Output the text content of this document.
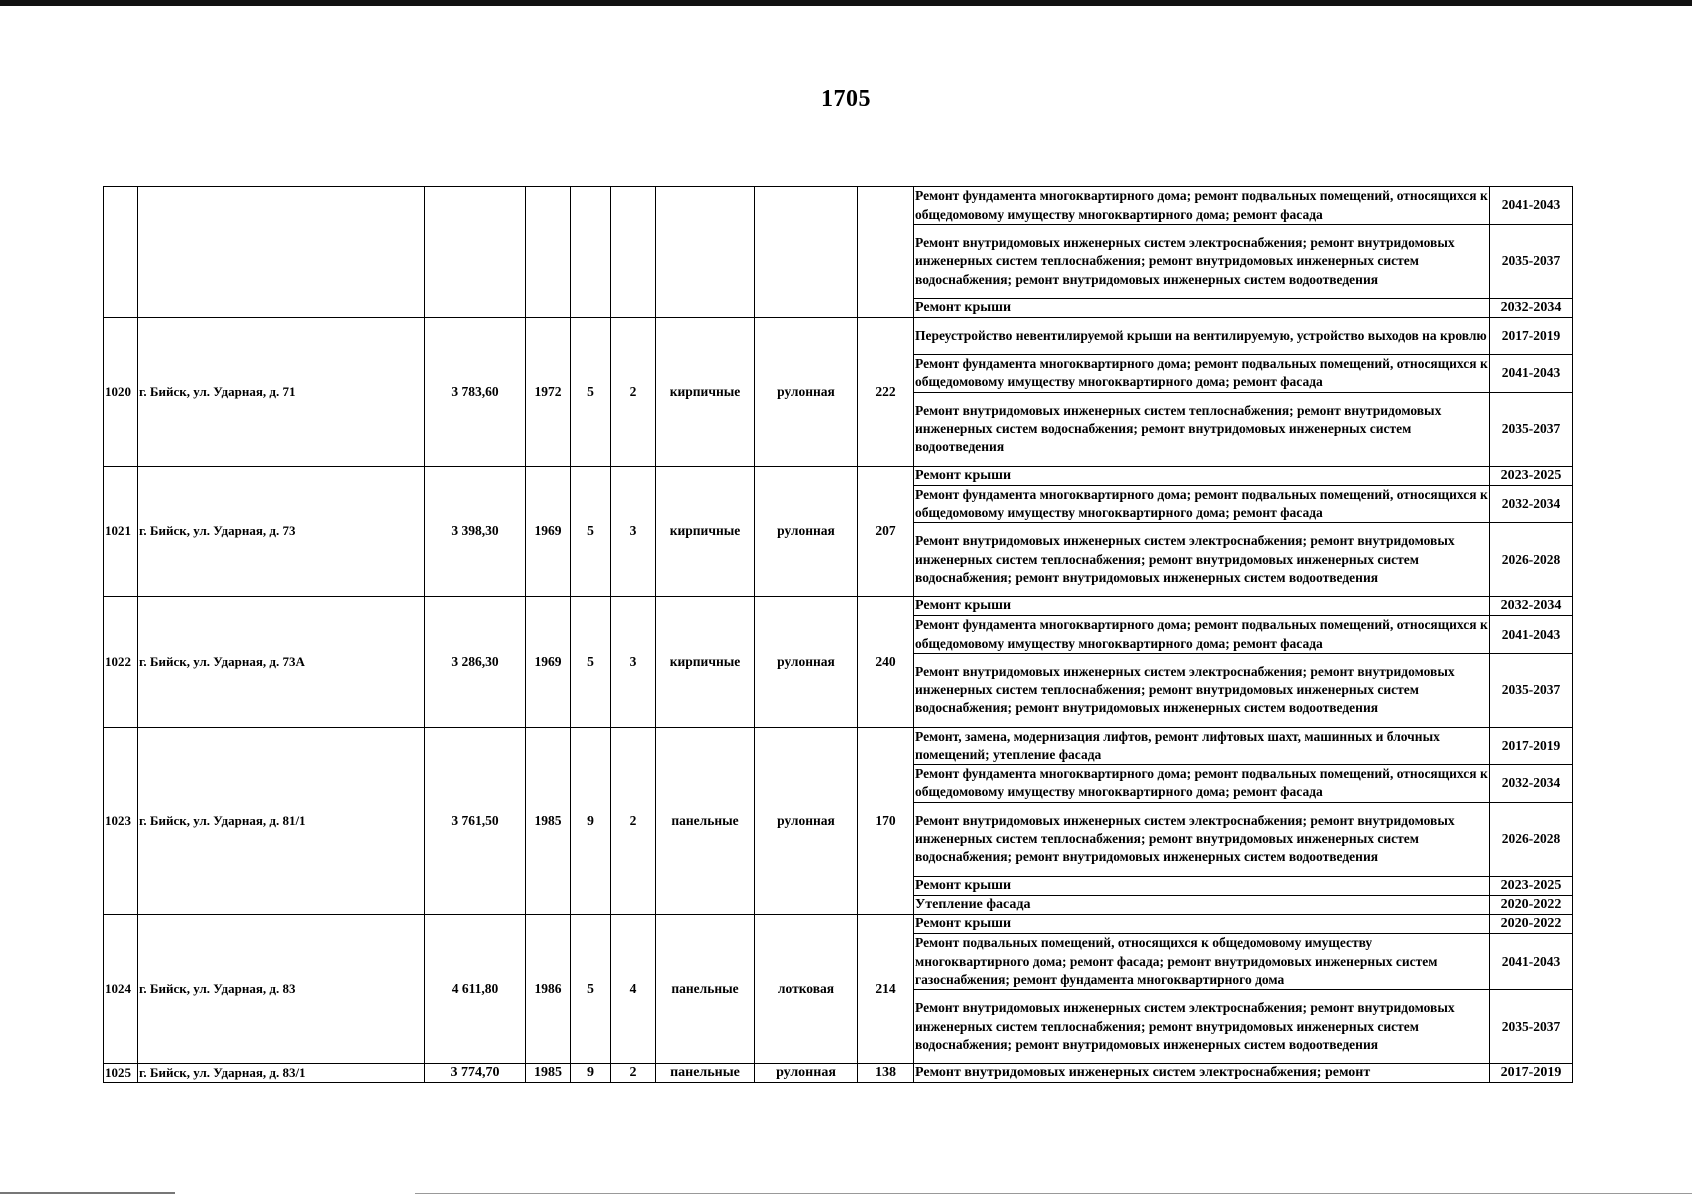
1705
									Ремонт фундамента многоквартирного дома; ремонт подвальных помещений, относящихся к общедомовому имуществу многоквартирного дома; ремонт фасада	2041-2043
									Ремонт внутридомовых инженерных систем электроснабжения; ремонт внутридомовых инженерных систем теплоснабжения; ремонт внутридомовых инженерных систем водоснабжения; ремонт внутридомовых инженерных систем водоотведения	2035-2037
									Ремонт крыши	2032-2034
1020	г. Бийск, ул. Ударная, д. 71	3 783,60	1972	5	2	кирпичные	рулонная	222	Переустройство невентилируемой крыши на вентилируемую, устройство выходов на кровлю	2017-2019
									Ремонт фундамента многоквартирного дома; ремонт подвальных помещений, относящихся к общедомовому имуществу многоквартирного дома; ремонт фасада	2041-2043
									Ремонт внутридомовых инженерных систем теплоснабжения; ремонт внутридомовых инженерных систем водоснабжения; ремонт внутридомовых инженерных систем водоотведения	2035-2037
1021	г. Бийск, ул. Ударная, д. 73	3 398,30	1969	5	3	кирпичные	рулонная	207	Ремонт крыши	2023-2025
									Ремонт фундамента многоквартирного дома; ремонт подвальных помещений, относящихся к общедомовому имуществу многоквартирного дома; ремонт фасада	2032-2034
									Ремонт внутридомовых инженерных систем электроснабжения; ремонт внутридомовых инженерных систем теплоснабжения; ремонт внутридомовых инженерных систем водоснабжения; ремонт внутридомовых инженерных систем водоотведения	2026-2028
1022	г. Бийск, ул. Ударная, д. 73А	3 286,30	1969	5	3	кирпичные	рулонная	240	Ремонт крыши	2032-2034
									Ремонт фундамента многоквартирного дома; ремонт подвальных помещений, относящихся к общедомовому имуществу многоквартирного дома; ремонт фасада	2041-2043
									Ремонт внутридомовых инженерных систем электроснабжения; ремонт внутридомовых инженерных систем теплоснабжения; ремонт внутридомовых инженерных систем водоснабжения; ремонт внутридомовых инженерных систем водоотведения	2035-2037
1023	г. Бийск, ул. Ударная, д. 81/1	3 761,50	1985	9	2	панельные	рулонная	170	Ремонт, замена, модернизация лифтов, ремонт лифтовых шахт, машинных и блочных помещений; утепление фасада	2017-2019
									Ремонт фундамента многоквартирного дома; ремонт подвальных помещений, относящихся к общедомовому имуществу многоквартирного дома; ремонт фасада	2032-2034
									Ремонт внутридомовых инженерных систем электроснабжения; ремонт внутридомовых инженерных систем теплоснабжения; ремонт внутридомовых инженерных систем водоснабжения; ремонт внутридомовых инженерных систем водоотведения	2026-2028
									Ремонт крыши	2023-2025
									Утепление фасада	2020-2022
1024	г. Бийск, ул. Ударная, д. 83	4 611,80	1986	5	4	панельные	лотковая	214	Ремонт крыши	2020-2022
									Ремонт подвальных помещений, относящихся к общедомовому имуществу многоквартирного дома; ремонт фасада; ремонт внутридомовых инженерных систем газоснабжения; ремонт фундамента многоквартирного дома	2041-2043
									Ремонт внутридомовых инженерных систем электроснабжения; ремонт внутридомовых инженерных систем теплоснабжения; ремонт внутридомовых инженерных систем водоснабжения; ремонт внутридомовых инженерных систем водоотведения	2035-2037
1025	г. Бийск, ул. Ударная, д. 83/1	3 774,70	1985	9	2	панельные	рулонная	138	Ремонт внутридомовых инженерных систем электроснабжения; ремонт	2017-2019
